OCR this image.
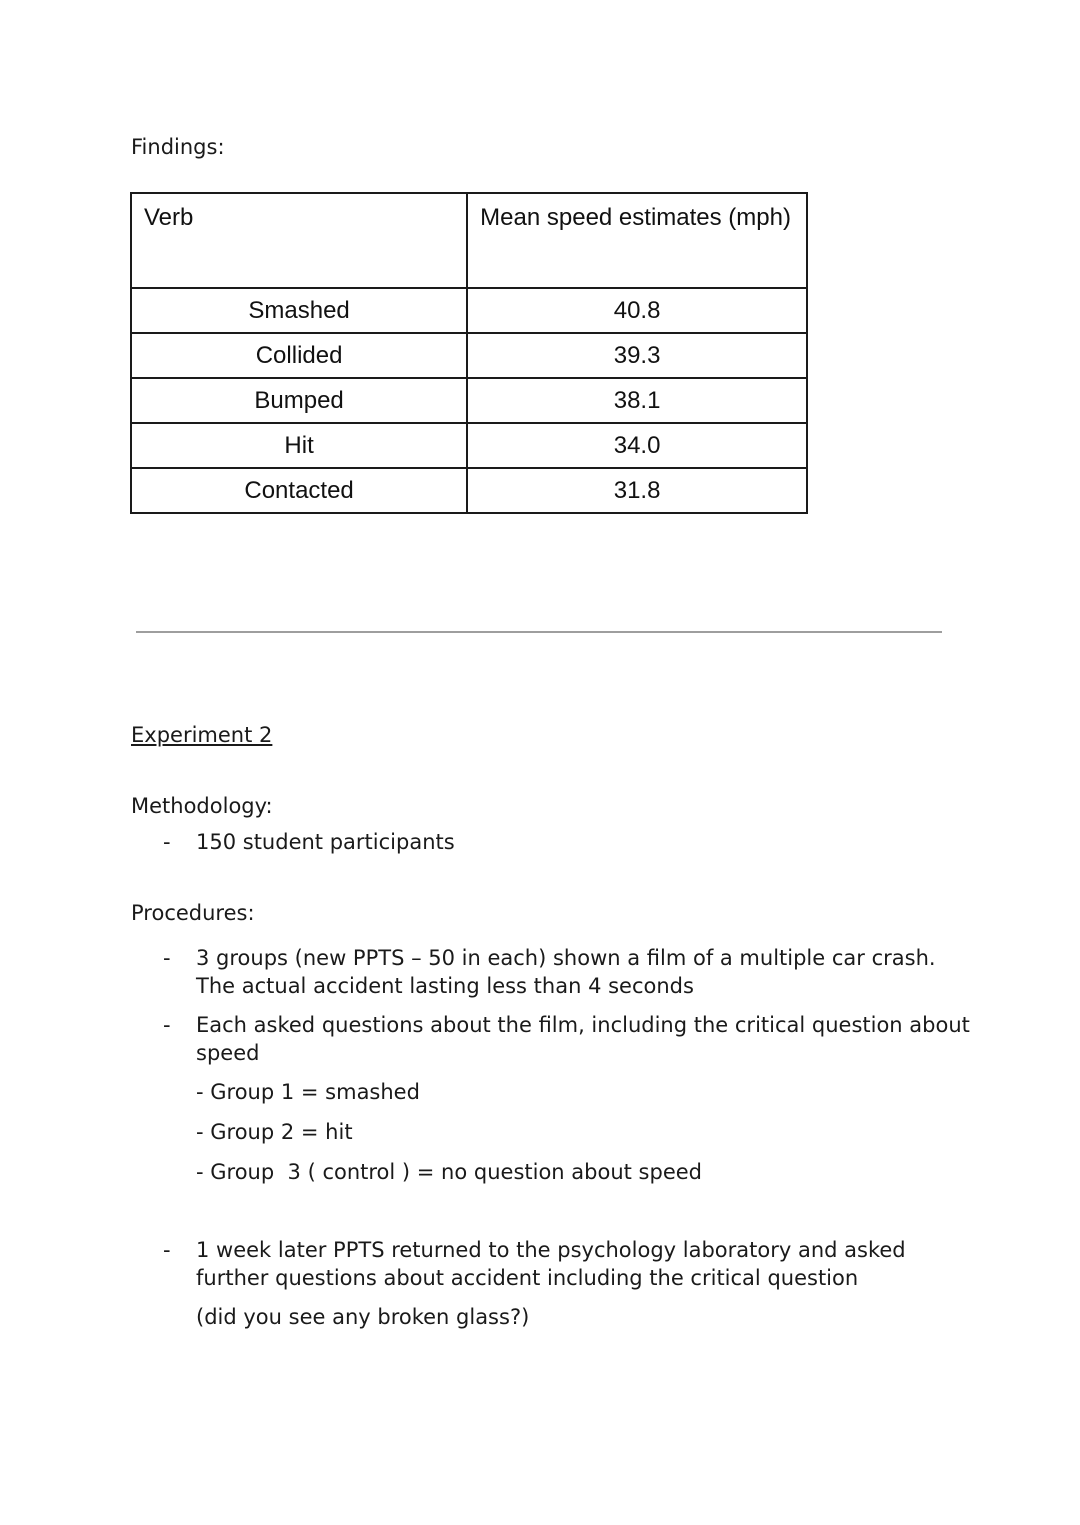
Findings:
Verb	Mean speed estimates (mph)
Smashed	40.8
Collided	39.3
Bumped	38.1
Hit	34.0
Contacted	31.8
Experiment 2
Methodology:
- 150 student participants
Procedures:
- 3 groups (new PPTS – 50 in each) shown a film of a multiple car crash.
The actual accident lasting less than 4 seconds
- Each asked questions about the film, including the critical question about
speed
- Group 1 = smashed
- Group 2 = hit
- Group  3 ( control ) = no question about speed
- 1 week later PPTS returned to the psychology laboratory and asked
further questions about accident including the critical question
(did you see any broken glass?)
